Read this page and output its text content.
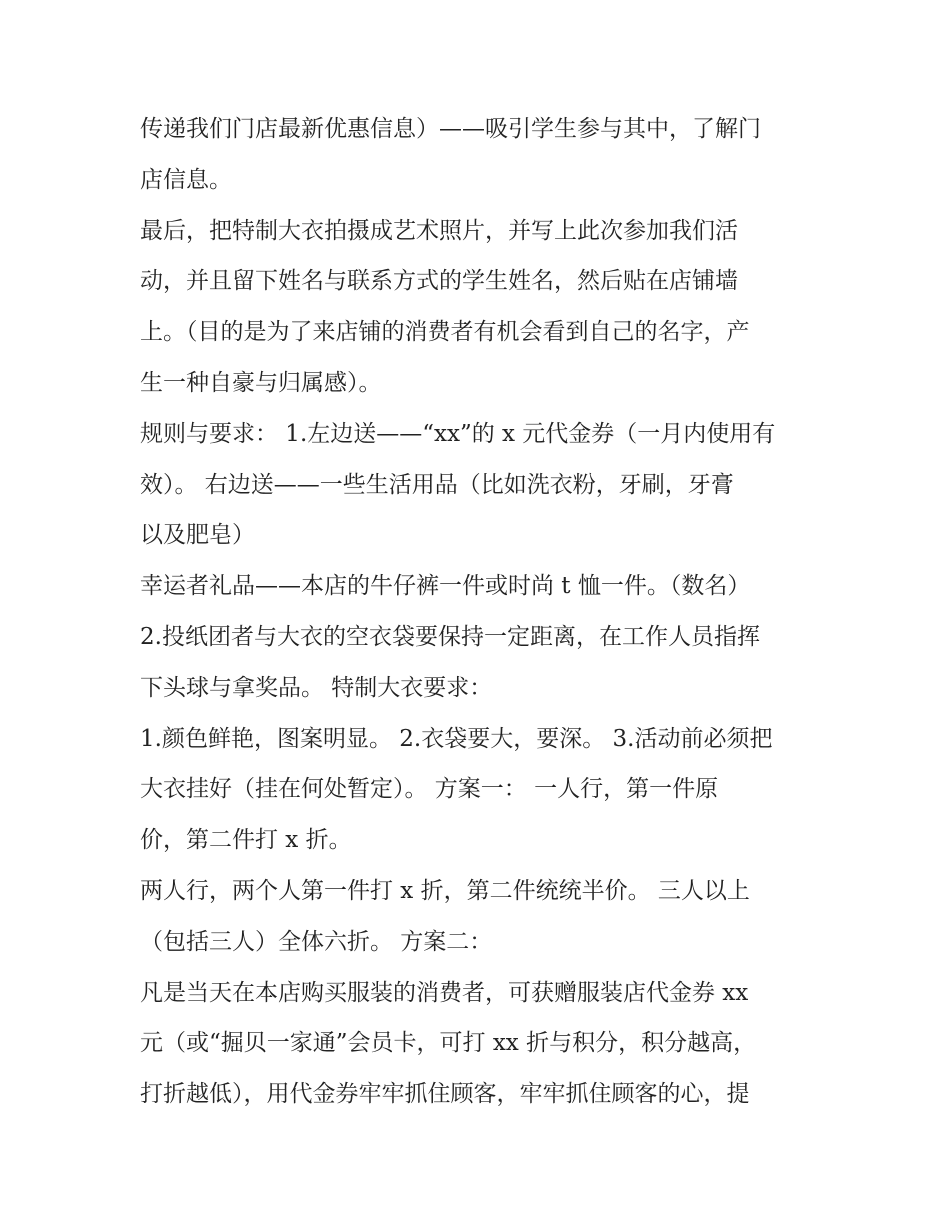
传递我们门店最新优惠信息）——吸引学生参与其中，了解门
店信息。
最后，把特制大衣拍摄成艺术照片，并写上此次参加我们活
动，并且留下姓名与联系方式的学生姓名，然后贴在店铺墙
上。（目的是为了来店铺的消费者有机会看到自己的名字，产
生一种自豪与归属感）。
规则与要求： 1.左边送——“xx”的 x 元代金券（一月内使用有
效）。 右边送——一些生活用品（比如洗衣粉，牙刷，牙膏
以及肥皂）
幸运者礼品——本店的牛仔裤一件或时尚 t 恤一件。（数名）
2.投纸团者与大衣的空衣袋要保持一定距离，在工作人员指挥
下头球与拿奖品。 特制大衣要求：
1.颜色鲜艳，图案明显。 2.衣袋要大，要深。 3.活动前必须把
大衣挂好（挂在何处暂定）。 方案一： 一人行，第一件原
价，第二件打 x 折。
两人行，两个人第一件打 x 折，第二件统统半价。 三人以上
（包括三人）全体六折。 方案二：
凡是当天在本店购买服装的消费者，可获赠服装店代金券 xx
元（或“掘贝一家通”会员卡，可打 xx 折与积分，积分越高，
打折越低），用代金券牢牢抓住顾客，牢牢抓住顾客的心，提
